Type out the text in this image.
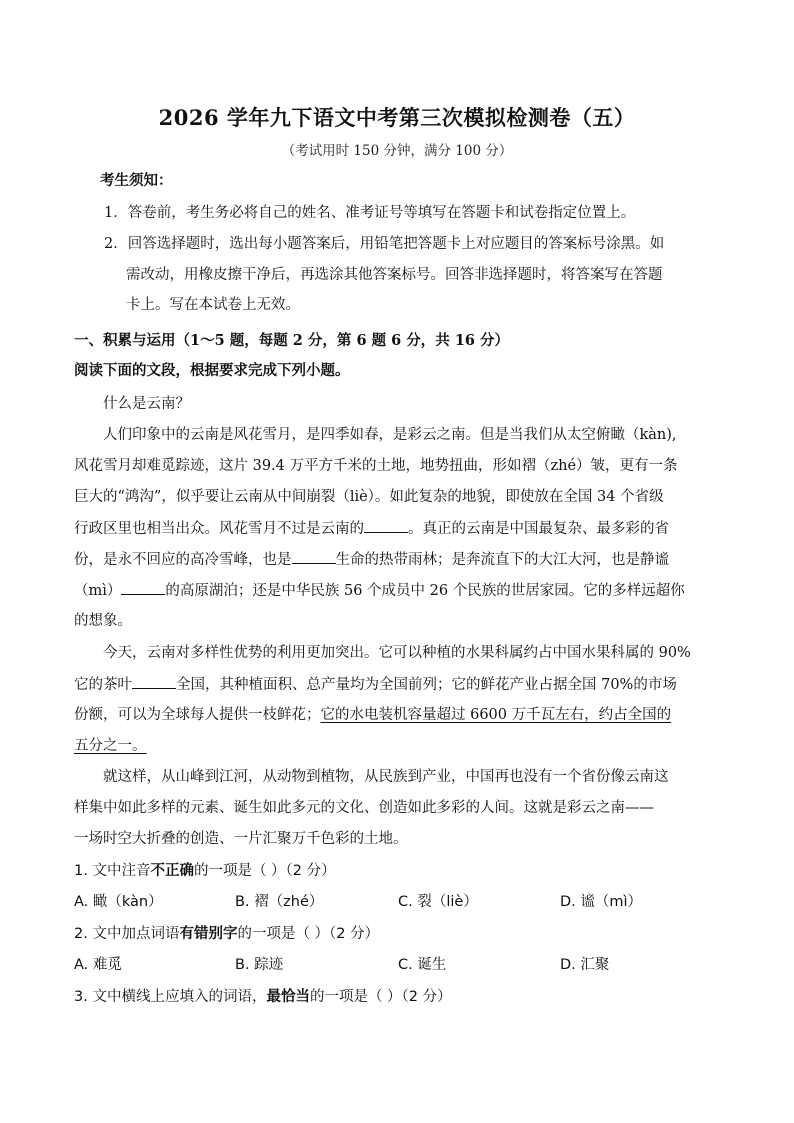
2026 学年九下语文中考第三次模拟检测卷（五）
（考试用时 150 分钟，满分 100 分）
考生须知：
1．答卷前，考生务必将自己的姓名、准考证号等填写在答题卡和试卷指定位置上。
2．回答选择题时，选出每小题答案后，用铅笔把答题卡上对应题目的答案标号涂黑。如
需改动，用橡皮擦干净后，再选涂其他答案标号。回答非选择题时，将答案写在答题
卡上。写在本试卷上无效。
一、积累与运用（1～5 题，每题 2 分，第 6 题 6 分，共 16 分）
阅读下面的文段，根据要求完成下列小题。
什么是云南？
人们印象中的云南是风花雪月，是四季如春，是彩云之南。但是当我们从太空俯瞰（kàn),
风花雪月却难觅踪迹，这片 39.4 万平方千米的土地，地势扭曲，形如褶（zhé）皱，更有一条
巨大的“鸿沟”，似乎要让云南从中间崩裂（liè）。如此复杂的地貌，即使放在全国 34 个省级
行政区里也相当出众。风花雪月不过是云南的	。真正的云南是中国最复杂、最多彩的省
份，是永不回应的高冷雪峰，也是	生命的热带雨林；是奔流直下的大江大河，也是静谧
（mì）	的高原湖泊；还是中华民族 56 个成员中 26 个民族的世居家园。它的多样远超你
的想象。
今天，云南对多样性优势的利用更加突出。它可以种植的水果科属约占中国水果科属的 90%
它的茶叶	全国，其种植面积、总产量均为全国前列；它的鲜花产业占据全国 70%的市场
份额，可以为全球每人提供一枝鲜花；它的水电装机容量超过 6600 万千瓦左右，约占全国的
五分之一。
就这样，从山峰到江河，从动物到植物，从民族到产业，中国再也没有一个省份像云南这
样集中如此多样的元素、诞生如此多元的文化、创造如此多彩的人间。这就是彩云之南——
一场时空大折叠的创造、一片汇聚万千色彩的土地。
1. 文中注音不正确的一项是（ ）（2 分）
A. 瞰（kàn）	B. 褶（zhé）	C. 裂（liè）	D. 谧（mì）
2. 文中加点词语有错别字的一项是（ ）（2 分）
A. 难觅	B. 踪迹	C. 诞生	D. 汇聚
3. 文中横线上应填入的词语，最恰当的一项是（ ）（2 分）
